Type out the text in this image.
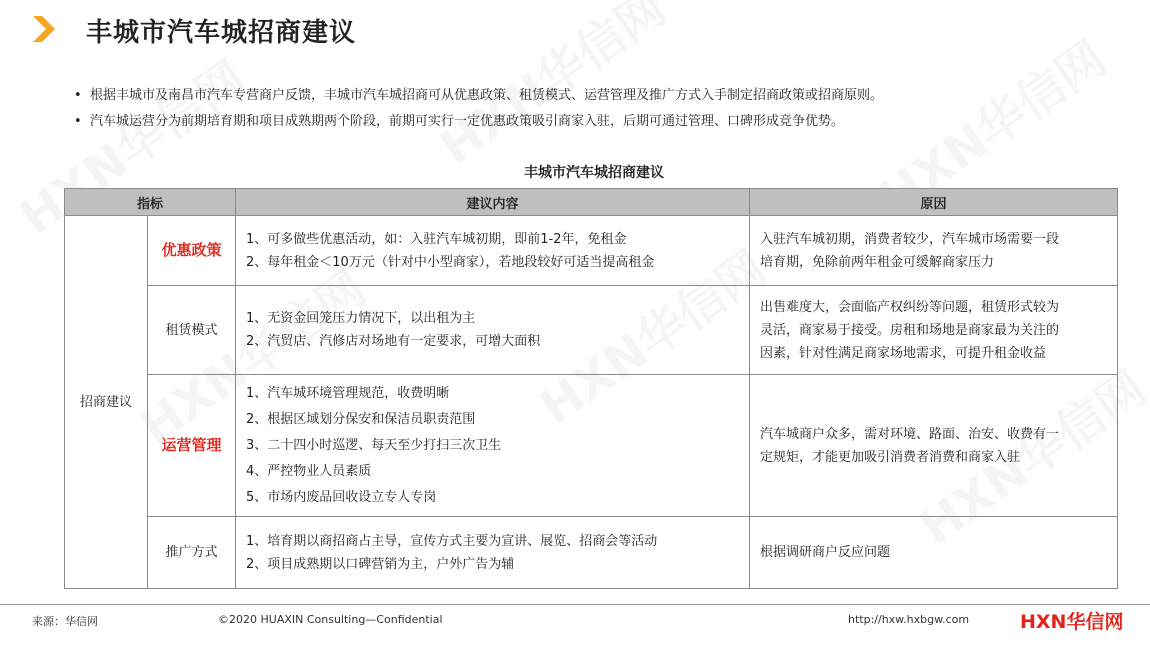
丰城市汽车城招商建议
• 根据丰城市及南昌市汽车专营商户反馈，丰城市汽车城招商可从优惠政策、租赁模式、运营管理及推广方式入手制定招商政策或招商原则。
• 汽车城运营分为前期培育期和项目成熟期两个阶段，前期可实行一定优惠政策吸引商家入驻，后期可通过管理、口碑形成竞争优势。
丰城市汽车城招商建议
指标		建议内容	原因
招商建议	优惠政策	1、可多做些优惠活动，如：入驻汽车城初期，即前1-2年，免租金
2、每年租金＜10万元（针对中小型商家），若地段较好可适当提高租金	入驻汽车城初期，消费者较少，汽车城市场需要一段
培育期，免除前两年租金可缓解商家压力

	租赁模式	1、无资金回笼压力情况下，以出租为主
2、汽贸店、汽修店对场地有一定要求，可增大面积	出售难度大，会面临产权纠纷等问题，租赁形式较为
灵活，商家易于接受。房租和场地是商家最为关注的
因素，针对性满足商家场地需求，可提升租金收益

	运营管理	1、汽车城环境管理规范，收费明晰
2、根据区域划分保安和保洁员职责范围
3、二十四小时巡逻、每天至少打扫三次卫生
4、严控物业人员素质
5、市场内废品回收设立专人专岗	汽车城商户众多，需对环境、路面、治安、收费有一
定规矩，才能更加吸引消费者消费和商家入驻

	推广方式	1、培育期以商招商占主导，宣传方式主要为宣讲、展览、招商会等活动
2、项目成熟期以口碑营销为主，户外广告为辅	根据调研商户反应问题
来源：华信网	©2020 HUAXIN Consulting—Confidential	http://hxw.hxbgw.com	HXN华信网
